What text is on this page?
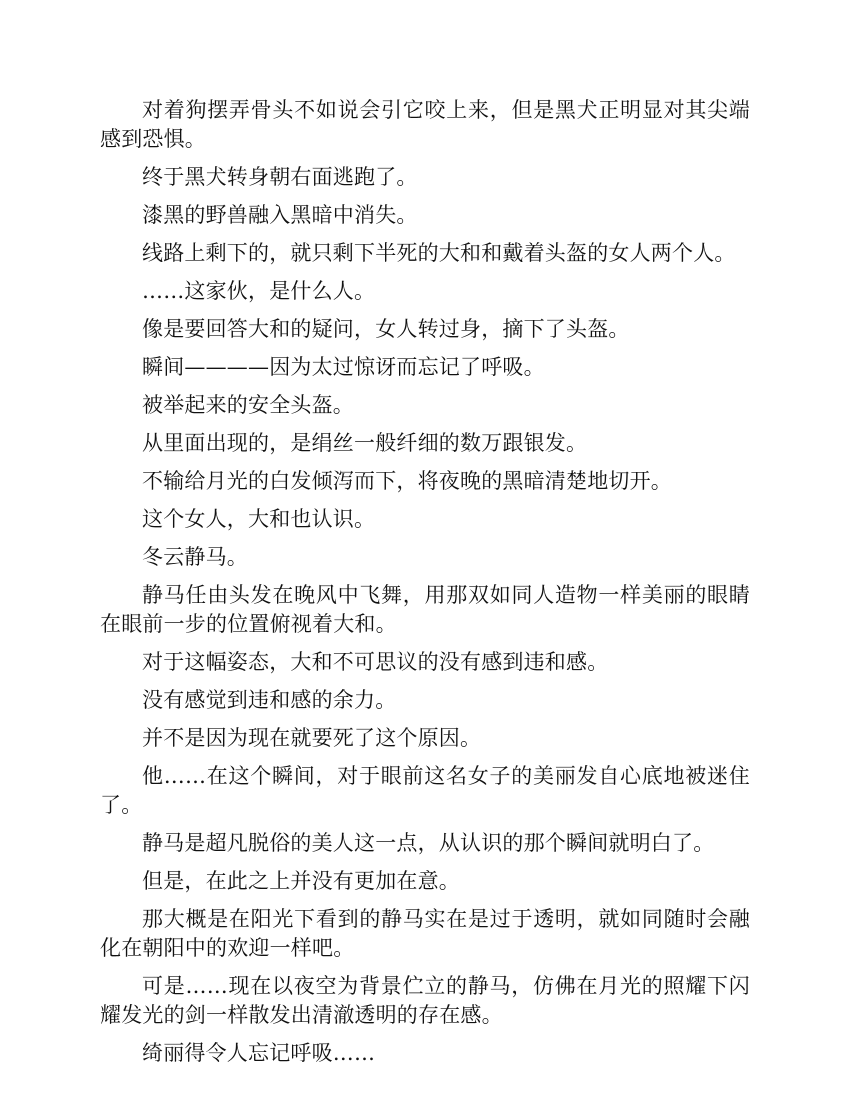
对着狗摆弄骨头不如说会引它咬上来，但是黑犬正明显对其尖端感到恐惧。

终于黑犬转身朝右面逃跑了。

漆黑的野兽融入黑暗中消失。

线路上剩下的，就只剩下半死的大和和戴着头盔的女人两个人。

……这家伙，是什么人。

像是要回答大和的疑问，女人转过身，摘下了头盔。

瞬间————因为太过惊讶而忘记了呼吸。

被举起来的安全头盔。

从里面出现的，是绢丝一般纤细的数万跟银发。

不输给月光的白发倾泻而下，将夜晚的黑暗清楚地切开。

这个女人，大和也认识。

冬云静马。

静马任由头发在晚风中飞舞，用那双如同人造物一样美丽的眼睛在眼前一步的位置俯视着大和。

对于这幅姿态，大和不可思议的没有感到违和感。

没有感觉到违和感的余力。

并不是因为现在就要死了这个原因。

他……在这个瞬间，对于眼前这名女子的美丽发自心底地被迷住了。

静马是超凡脱俗的美人这一点，从认识的那个瞬间就明白了。

但是，在此之上并没有更加在意。

那大概是在阳光下看到的静马实在是过于透明，就如同随时会融化在朝阳中的欢迎一样吧。

可是……现在以夜空为背景伫立的静马，仿佛在月光的照耀下闪耀发光的剑一样散发出清澈透明的存在感。

绮丽得令人忘记呼吸……
